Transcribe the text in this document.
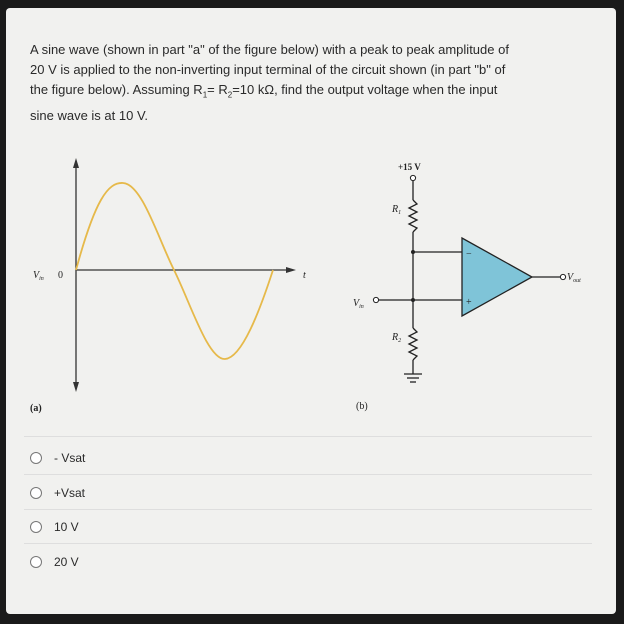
A sine wave (shown in part "a" of the figure below) with a peak to peak amplitude of
20 V is applied to the non-inverting input terminal of the circuit shown (in part "b" of
the figure below). Assuming $R_1= R_2=10$ kΩ, find the output voltage when the input
sine wave is at 10 V.

$V_{in}$ 0	t
(a)
+15 V
$R_1$
$V_{in}$
$R_2$
−
+
$V_{out}$
(b)
- Vsat
+Vsat
10 V
20 V
